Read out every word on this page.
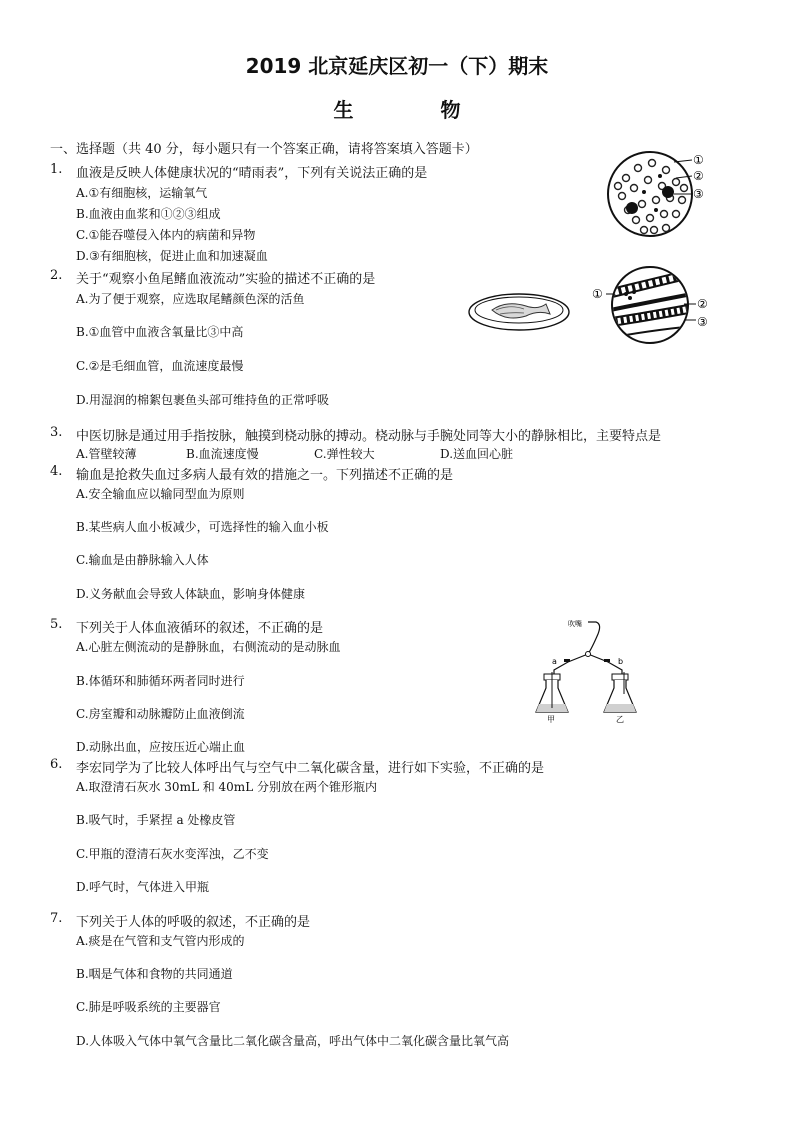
2019 北京延庆区初一（下）期末
生 物
一、选择题（共 40 分，每小题只有一个答案正确，请将答案填入答题卡）
1. 血液是反映人体健康状况的“晴雨表”，下列有关说法正确的是
A.①有细胞核，运输氧气
B.血液由血浆和①②③组成
C.①能吞噬侵入体内的病菌和异物
D.③有细胞核，促进止血和加速凝血
①
②
③
2. 关于“观察小鱼尾鳍血液流动”实验的描述不正确的是
A.为了便于观察，应选取尾鳍颜色深的活鱼
B.①血管中血液含氧量比③中高
C.②是毛细血管，血流速度最慢
D.用湿润的棉絮包裹鱼头部可维持鱼的正常呼吸
①
②
③
3. 中医切脉是通过用手指按脉，触摸到桡动脉的搏动。桡动脉与手腕处同等大小的静脉相比，主要特点是
A.管壁较薄	B.血流速度慢	C.弹性较大	D.送血回心脏
4. 输血是抢救失血过多病人最有效的措施之一。下列描述不正确的是
A.安全输血应以输同型血为原则
B.某些病人血小板减少，可选择性的输入血小板
C.输血是由静脉输入人体
D.义务献血会导致人体缺血，影响身体健康
5. 下列关于人体血液循环的叙述，不正确的是
A.心脏左侧流动的是静脉血，右侧流动的是动脉血
B.体循环和肺循环两者同时进行
C.房室瓣和动脉瓣防止血液倒流
D.动脉出血，应按压近心端止血
吹嘴
a	b
甲	乙
6. 李宏同学为了比较人体呼出气与空气中二氧化碳含量，进行如下实验，不正确的是
A.取澄清石灰水 30mL 和 40mL 分别放在两个锥形瓶内
B.吸气时，手紧捏 a 处橡皮管
C.甲瓶的澄清石灰水变浑浊，乙不变
D.呼气时，气体进入甲瓶
7. 下列关于人体的呼吸的叙述，不正确的是
A.痰是在气管和支气管内形成的
B.咽是气体和食物的共同通道
C.肺是呼吸系统的主要器官
D.人体吸入气体中氧气含量比二氧化碳含量高，呼出气体中二氧化碳含量比氧气高
